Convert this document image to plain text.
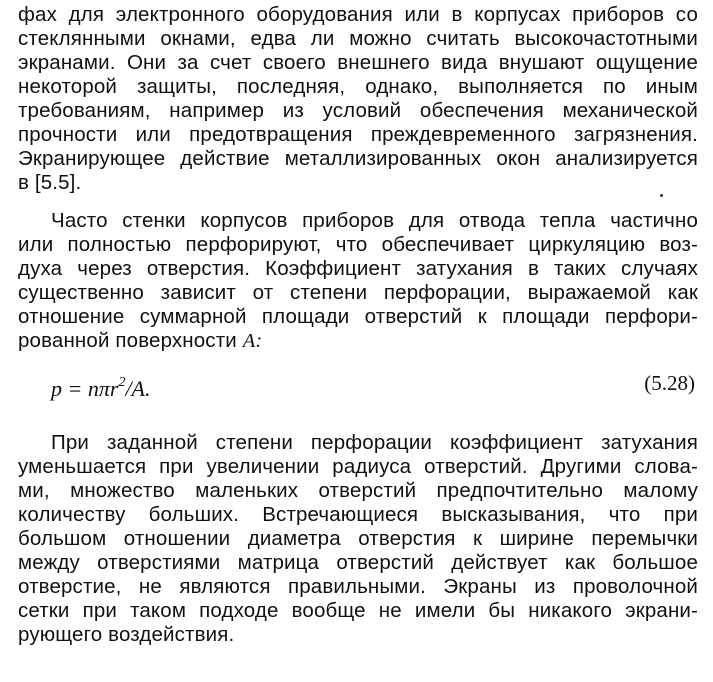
фах для электронного оборудования или в корпусах приборов со
стеклянными окнами, едва ли можно считать высокочастотными
экранами. Они за счет своего внешнего вида внушают ощущение
некоторой защиты, последняя, однако, выполняется по иным
требованиям, например из условий обеспечения механической
прочности или предотвращения преждевременного загрязнения.
Экранирующее действие металлизированных окон анализируется
в [5.5].
Часто стенки корпусов приборов для отвода тепла частично
или полностью перфорируют, что обеспечивает циркуляцию воз-
духа через отверстия. Коэффициент затухания в таких случаях
существенно зависит от степени перфорации, выражаемой как
отношение суммарной площади отверстий к площади перфори-
рованной поверхности A:
p = nπr$^2$/A.	(5.28)
При заданной степени перфорации коэффициент затухания
уменьшается при увеличении радиуса отверстий. Другими слова-
ми, множество маленьких отверстий предпочтительно малому
количеству больших. Встречающиеся высказывания, что при
большом отношении диаметра отверстия к ширине перемычки
между отверстиями матрица отверстий действует как большое
отверстие, не являются правильными. Экраны из проволочной
сетки при таком подходе вообще не имели бы никакого экрани-
рующего воздействия.
